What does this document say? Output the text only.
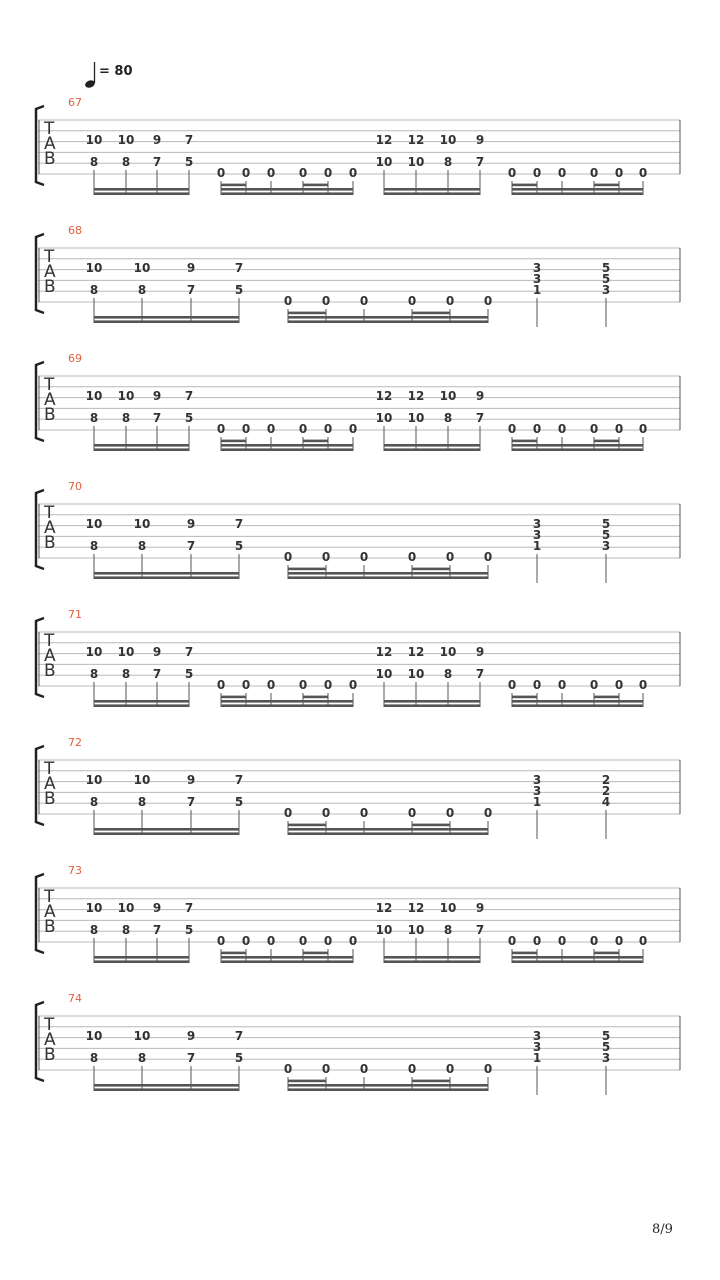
= 80
T
A
B
67
10
8
10
8
9
7
7
5
0 0 0 0 0 0
12
10
12
10
10
8
9
7
0 0 0 0 0 0
T
A
B
68
10
8
10
8
9
7
7
5
0 0 0	0 0 0
3
3
1
5
5
3
T
A
B
69
10
8
10
8
9
7
7
5
0 0 0 0 0 0
12
10
12
10
10
8
9
7
0 0 0 0 0 0
T
A
B
70
10
8
10
8
9
7
7
5
0 0 0	0 0 0
3
3
1
5
5
3
T
A
B
71
10
8
10
8
9
7
7
5
0 0 0 0 0 0
12
10
12
10
10
8
9
7
0 0 0 0 0 0
T
A
B
72
10
8
10
8
9
7
7
5
0 0 0	0 0 0
3
3
1
2
2
4
T
A
B
73
10
8
10
8
9
7
7
5
0 0 0 0 0 0
12
10
12
10
10
8
9
7
0 0 0 0 0 0
T
A
B
74
10
8
10
8
9
7
7
5
0 0 0	0 0 0
3
3
1
5
5
3
8/9
